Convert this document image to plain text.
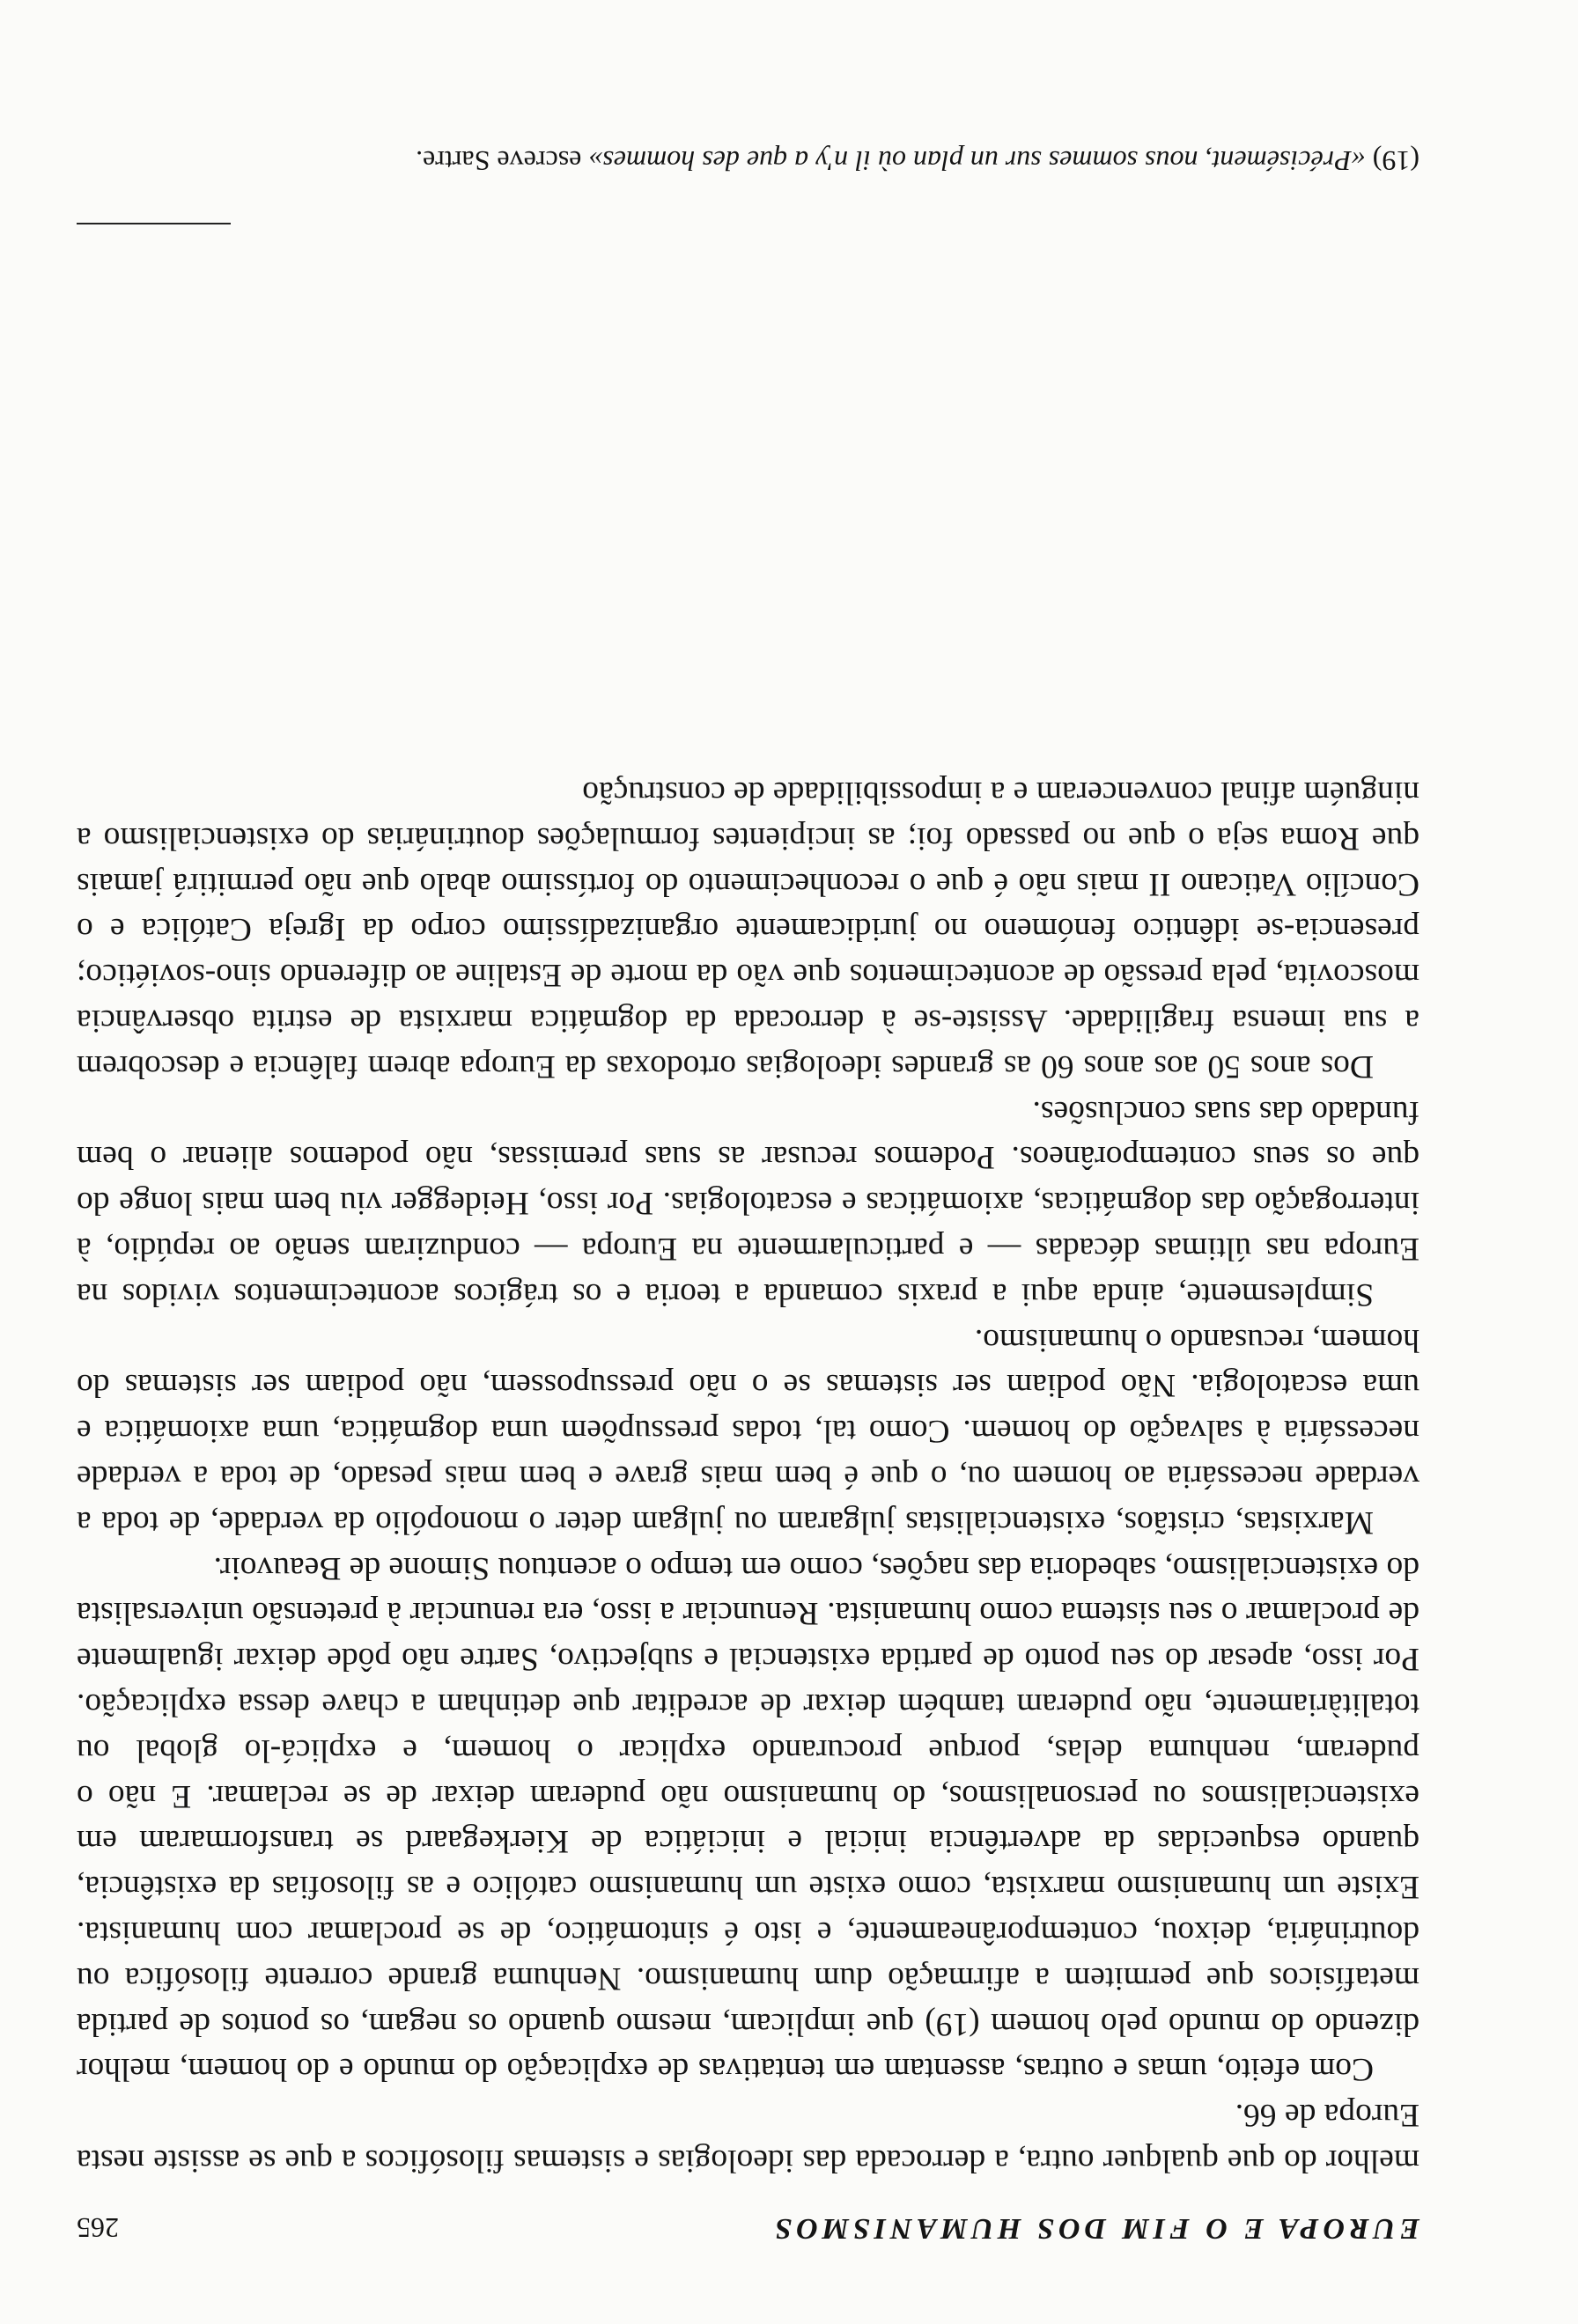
EUROPA E O FIM DOS HUMANISMOS
265

melhor do que qualquer outra, a derrocada das ideologias e sistemas filosóficos a que se assiste nesta Europa de 66.

Com efeito, umas e outras, assentam em tentativas de explicação do mundo e do homem, melhor dizendo do mundo pelo homem (19) que implicam, mesmo quando os negam, os pontos de partida metafísicos que permitem a afirmação dum humanismo. Nenhuma grande corrente filosófica ou doutrinária, deixou, contemporâneamente, e isto é sintomático, de se proclamar com humanista. Existe um humanismo marxista, como existe um humanismo católico e as filosofias da existência, quando esquecidas da advertência inicial e iniciática de Kierkegaard se transformaram em existencialismos ou personalismos, do humanismo não puderam deixar de se reclamar. E não o puderam, nenhuma delas, porque procurando explicar o homem, e explicá-lo global ou totalitàriamente, não puderam também deixar de acreditar que detinham a chave dessa explicação. Por isso, apesar do seu ponto de partida existencial e subjectivo, Sartre não pôde deixar igualmente de proclamar o seu sistema como humanista. Renunciar a isso, era renunciar à pretensão universalista do existencialismo, sabedoria das nações, como em tempo o acentuou Simone de Beauvoir.

Marxistas, cristãos, existencialistas julgaram ou julgam deter o monopólio da verdade, de toda a verdade necessária ao homem ou, o que é bem mais grave e bem mais pesado, de toda a verdade necessária à salvação do homem. Como tal, todas pressupõem uma dogmática, uma axiomática e uma escatologia. Não podiam ser sistemas se o não pressupossem, não podiam ser sistemas do homem, recusando o humanismo.

Simplesmente, ainda aqui a praxis comanda a teoria e os trágicos acontecimentos vividos na Europa nas últimas décadas — e particularmente na Europa — conduziram senão ao repúdio, à interrogação das dogmáticas, axiomáticas e escatologias. Por isso, Heidegger viu bem mais longe do que os seus contemporâneos. Podemos recusar as suas premissas, não podemos alienar o bem fundado das suas conclusões.

Dos anos 50 aos anos 60 as grandes ideologias ortodoxas da Europa abrem falência e descobrem a sua imensa fragilidade. Assiste-se à derrocada da dogmática marxista de estrita observância moscovita, pela pressão de acontecimentos que vão da morte de Estaline ao diferendo sino-soviético; presencia-se idêntico fenómeno no juridicamente organizadíssimo corpo da Igreja Católica e o Concílio Vaticano II mais não é que o reconhecimento do fortíssimo abalo que não permitirá jamais que Roma seja o que no passado foi; as incipientes formulações doutrinárias do existencialismo a ninguém afinal convenceram e a impossibilidade de construção

(19) «Précisément, nous sommes sur un plan où il n'y a que des hommes» escreve Sartre.
